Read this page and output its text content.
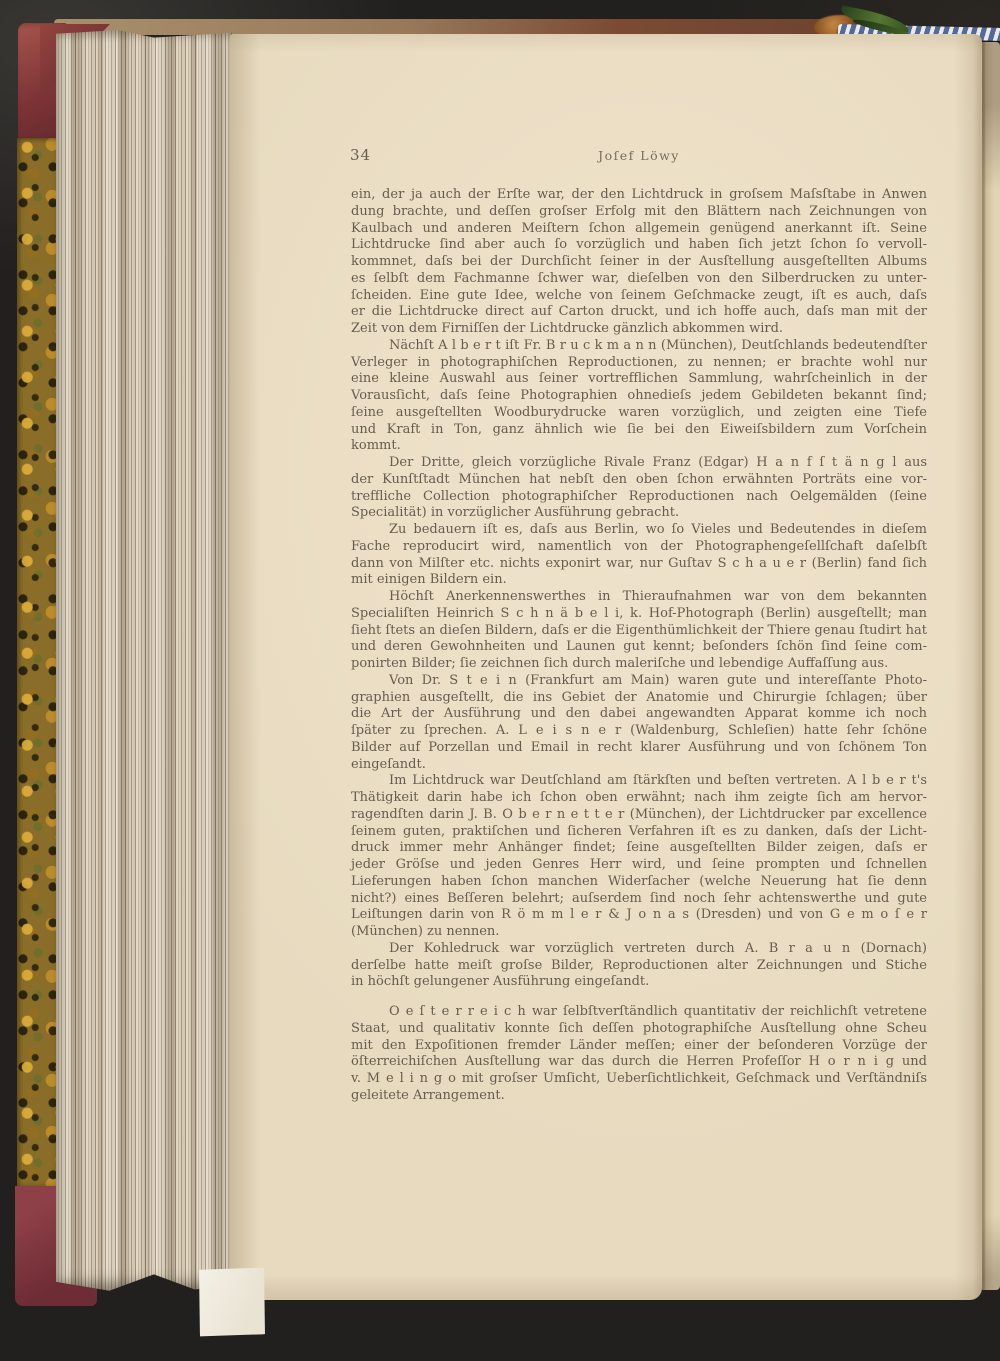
34	Joſef Löwy
ein, der ja auch der Erſte war, der den Lichtdruck in groſsem Maſsſtabe in Anwen
dung brachte, und deſſen groſser Erfolg mit den Blättern nach Zeichnungen von
Kaulbach und anderen Meiſtern ſchon allgemein genügend anerkannt iſt. Seine
Lichtdrucke ſind aber auch ſo vorzüglich und haben ſich jetzt ſchon ſo vervoll-
kommnet, daſs bei der Durchſicht ſeiner in der Ausſtellung ausgeſtellten Albums
es ſelbſt dem Fachmanne ſchwer war, dieſelben von den Silberdrucken zu unter-
ſcheiden. Eine gute Idee, welche von ſeinem Geſchmacke zeugt, iſt es auch, daſs
er die Lichtdrucke direct auf Carton druckt, und ich hoffe auch, daſs man mit der
Zeit von dem Firniſſen der Lichtdrucke gänzlich abkommen wird.
Nächſt A l b e r t iſt Fr. B r u c k m a n n (München), Deutſchlands bedeutendſter
Verleger in photographiſchen Reproductionen, zu nennen; er brachte wohl nur
eine kleine Auswahl aus ſeiner vortrefflichen Sammlung, wahrſcheinlich in der
Vorausſicht, daſs ſeine Photographien ohnedieſs jedem Gebildeten bekannt ſind;
ſeine ausgeſtellten Woodburydrucke waren vorzüglich, und zeigten eine Tiefe
und Kraft in Ton, ganz ähnlich wie ſie bei den Eiweiſsbildern zum Vorſchein
kommt.
Der Dritte, gleich vorzügliche Rivale Franz (Edgar) H a n f ſ t ä n g l aus
der Kunſtſtadt München hat nebſt den oben ſchon erwähnten Porträts eine vor-
treffliche Collection photographiſcher Reproductionen nach Oelgemälden (ſeine
Specialität) in vorzüglicher Ausführung gebracht.
Zu bedauern iſt es, daſs aus Berlin, wo ſo Vieles und Bedeutendes in dieſem
Fache reproducirt wird, namentlich von der Photographengeſellſchaft daſelbſt
dann von Milſter etc. nichts exponirt war, nur Guſtav S c h a u e r (Berlin) fand ſich
mit einigen Bildern ein.
Höchſt Anerkennenswerthes in Thieraufnahmen war von dem bekannten
Specialiſten Heinrich S c h n ä b e l i, k. Hof-Photograph (Berlin) ausgeſtellt; man
ſieht ſtets an dieſen Bildern, daſs er die Eigenthümlichkeit der Thiere genau ſtudirt hat
und deren Gewohnheiten und Launen gut kennt; beſonders ſchön ſind ſeine com-
ponirten Bilder; ſie zeichnen ſich durch maleriſche und lebendige Auffaſſung aus.
Von Dr. S t e i n (Frankfurt am Main) waren gute und intereſſante Photo-
graphien ausgeſtellt, die ins Gebiet der Anatomie und Chirurgie ſchlagen; über
die Art der Ausführung und den dabei angewandten Apparat komme ich noch
ſpäter zu ſprechen. A. L e i s n e r (Waldenburg, Schleſien) hatte ſehr ſchöne
Bilder auf Porzellan und Email in recht klarer Ausführung und von ſchönem Ton
eingeſandt.
Im Lichtdruck war Deutſchland am ſtärkſten und beſten vertreten. A l b e r t's
Thätigkeit darin habe ich ſchon oben erwähnt; nach ihm zeigte ſich am hervor-
ragendſten darin J. B. O b e r n e t t e r (München), der Lichtdrucker par excellence
ſeinem guten, praktiſchen und ſicheren Verfahren iſt es zu danken, daſs der Licht-
druck immer mehr Anhänger findet; ſeine ausgeſtellten Bilder zeigen, daſs er
jeder Gröſse und jeden Genres Herr wird, und ſeine prompten und ſchnellen
Lieferungen haben ſchon manchen Widerſacher (welche Neuerung hat ſie denn
nicht?) eines Beſſeren belehrt; auſserdem ſind noch ſehr achtenswerthe und gute
Leiſtungen darin von R ö m m l e r & J o n a s (Dresden) und von G e m o ſ e r
(München) zu nennen.
Der Kohledruck war vorzüglich vertreten durch A. B r a u n (Dornach)
derſelbe hatte meiſt groſse Bilder, Reproductionen alter Zeichnungen und Stiche
in höchſt gelungener Ausführung eingeſandt.
O e ſ t e r r e i c h war ſelbſtverſtändlich quantitativ der reichlichſt vetretene
Staat, und qualitativ konnte ſich deſſen photographiſche Ausſtellung ohne Scheu
mit den Expoſitionen fremder Länder meſſen; einer der beſonderen Vorzüge der
öſterreichiſchen Ausſtellung war das durch die Herren Profeſſor H o r n i g und
v. M e l i n g o mit groſser Umſicht, Ueberſichtlichkeit, Geſchmack und Verſtändniſs
geleitete Arrangement.
